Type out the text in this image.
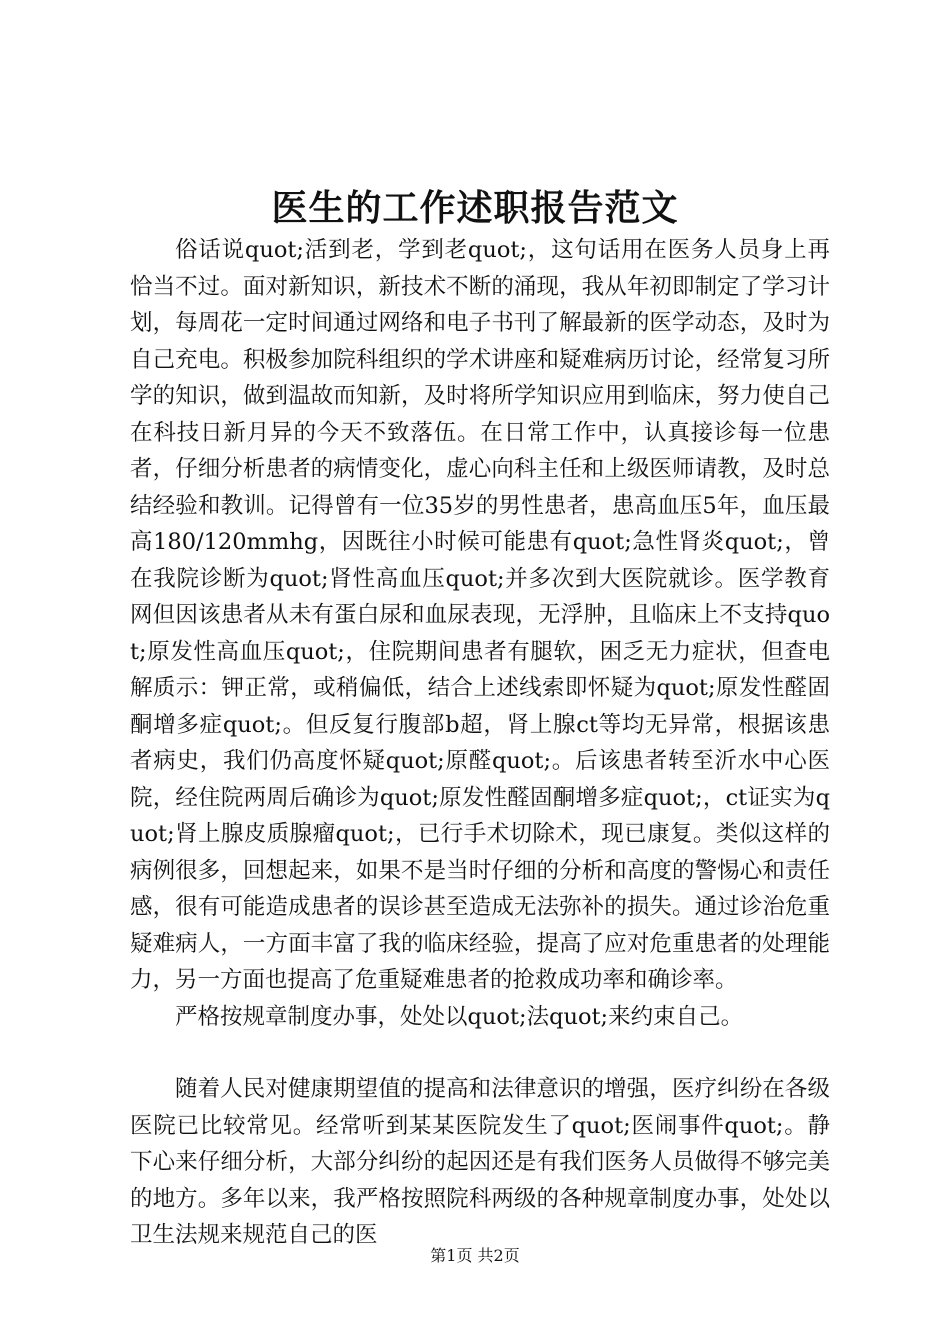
医生的工作述职报告范文

俗话说quot;活到老，学到老quot;，这句话用在医务人员身上再恰当不过。面对新知识，新技术不断的涌现，我从年初即制定了学习计划，每周花一定时间通过网络和电子书刊了解最新的医学动态，及时为自己充电。积极参加院科组织的学术讲座和疑难病历讨论，经常复习所学的知识，做到温故而知新，及时将所学知识应用到临床，努力使自己在科技日新月异的今天不致落伍。在日常工作中，认真接诊每一位患者，仔细分析患者的病情变化，虚心向科主任和上级医师请教，及时总结经验和教训。记得曾有一位35岁的男性患者，患高血压5年，血压最高180/120mmhg，因既往小时候可能患有quot;急性肾炎quot;，曾在我院诊断为quot;肾性高血压quot;并多次到大医院就诊。医学教育网但因该患者从未有蛋白尿和血尿表现，无浮肿，且临床上不支持quot;原发性高血压quot;，住院期间患者有腿软，困乏无力症状，但查电解质示：钾正常，或稍偏低，结合上述线索即怀疑为quot;原发性醛固酮增多症quot;。但反复行腹部b超，肾上腺ct等均无异常，根据该患者病史，我们仍高度怀疑quot;原醛quot;。后该患者转至沂水中心医院，经住院两周后确诊为quot;原发性醛固酮增多症quot;，ct证实为quot;肾上腺皮质腺瘤quot;，已行手术切除术，现已康复。类似这样的病例很多，回想起来，如果不是当时仔细的分析和高度的警惕心和责任感，很有可能造成患者的误诊甚至造成无法弥补的损失。通过诊治危重疑难病人，一方面丰富了我的临床经验，提高了应对危重患者的处理能力，另一方面也提高了危重疑难患者的抢救成功率和确诊率。

严格按规章制度办事，处处以quot;法quot;来约束自己。

随着人民对健康期望值的提高和法律意识的增强，医疗纠纷在各级医院已比较常见。经常听到某某医院发生了quot;医闹事件quot;。静下心来仔细分析，大部分纠纷的起因还是有我们医务人员做得不够完美的地方。多年以来，我严格按照院科两级的各种规章制度办事，处处以卫生法规来规范自己的医

第1页 共2页
